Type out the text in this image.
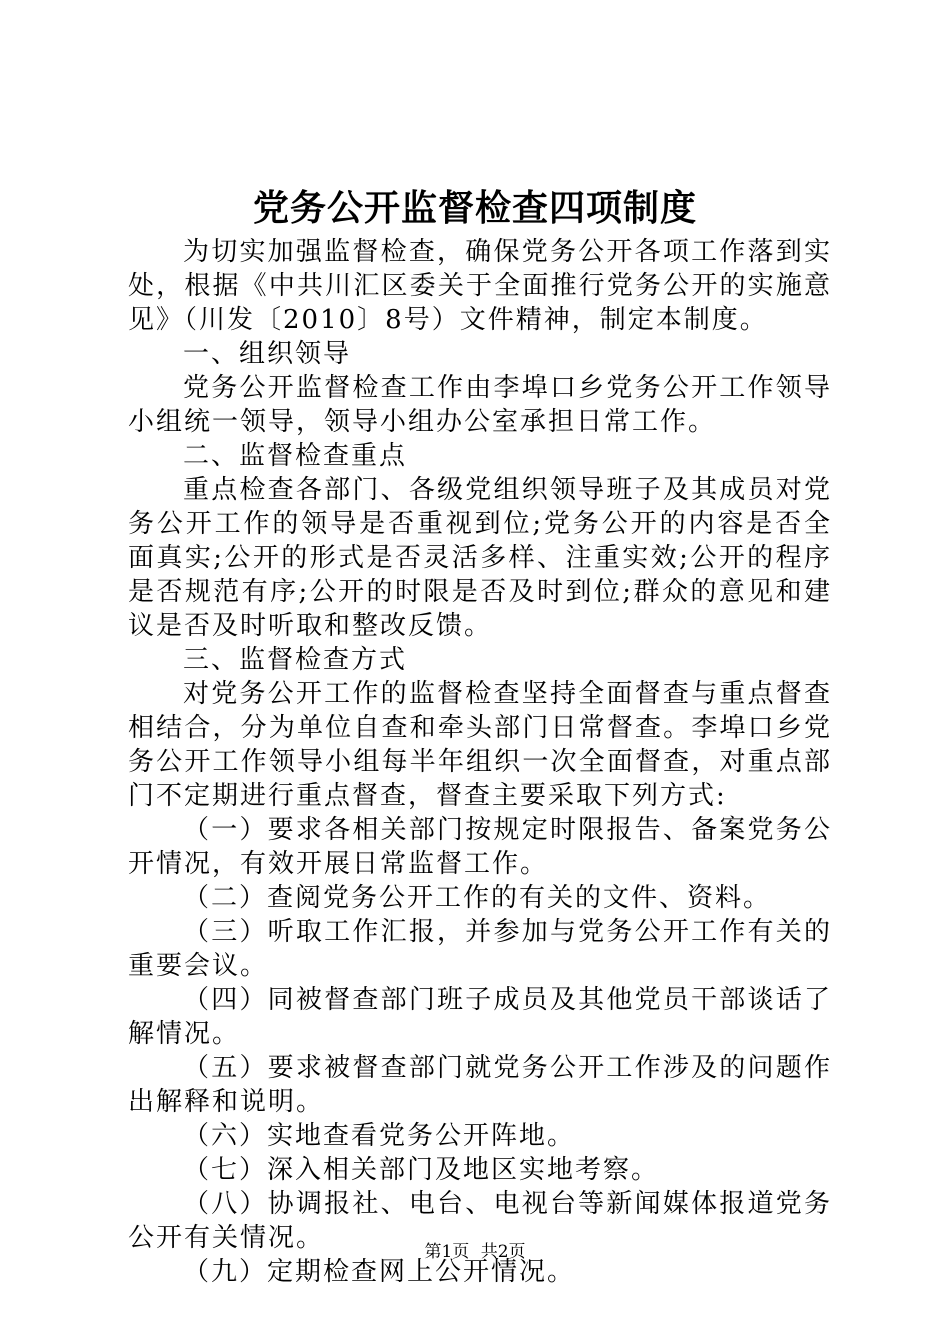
党务公开监督检查四项制度

为切实加强监督检查，确保党务公开各项工作落到实处，根据《中共川汇区委关于全面推行党务公开的实施意见》（川发〔2010〕8号）文件精神，制定本制度。

一、组织领导

党务公开监督检查工作由李埠口乡党务公开工作领导小组统一领导，领导小组办公室承担日常工作。

二、监督检查重点

重点检查各部门、各级党组织领导班子及其成员对党务公开工作的领导是否重视到位;党务公开的内容是否全面真实;公开的形式是否灵活多样、注重实效;公开的程序是否规范有序;公开的时限是否及时到位;群众的意见和建议是否及时听取和整改反馈。

三、监督检查方式

对党务公开工作的监督检查坚持全面督查与重点督查相结合，分为单位自查和牵头部门日常督查。李埠口乡党务公开工作领导小组每半年组织一次全面督查，对重点部门不定期进行重点督查，督查主要采取下列方式:

（一）要求各相关部门按规定时限报告、备案党务公开情况，有效开展日常监督工作。

（二）查阅党务公开工作的有关的文件、资料。

（三）听取工作汇报，并参加与党务公开工作有关的重要会议。

（四）同被督查部门班子成员及其他党员干部谈话了解情况。

（五）要求被督查部门就党务公开工作涉及的问题作出解释和说明。

（六）实地查看党务公开阵地。

（七）深入相关部门及地区实地考察。

（八）协调报社、电台、电视台等新闻媒体报道党务公开有关情况。

（九）定期检查网上公开情况。

第1页 共2页
